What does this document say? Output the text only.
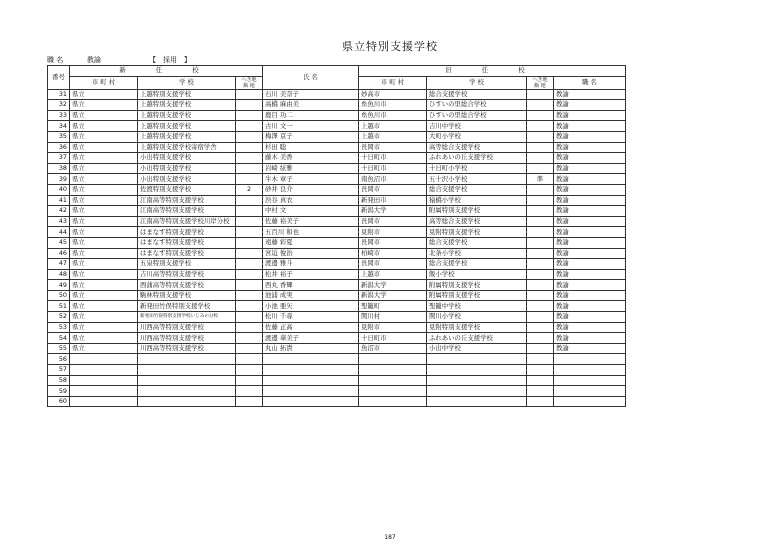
県立特別支援学校
職 名	教諭	【　採用　】
番号	新 任 校			氏 名	旧 任 校			
	市 町 村	学 校	へき地
級 地		市 町 村	学 校	へき地
級 地	職 名
31	県立	上越特別支援学校		石川 美奈子	妙高市	総合支援学校		教諭
32	県立	上越特別支援学校		高橋 麻由美	糸魚川市	ひすいの里総合学校		教諭
33	県立	上越特別支援学校		鹿目 功二	糸魚川市	ひすいの里総合学校		教諭
34	県立	上越特別支援学校		古川 文一	上越市	吉川中学校		教諭
35	県立	上越特別支援学校		梅澤 京子	上越市	大町小学校		教諭
36	県立	上越特別支援学校寄宿学舎		杉田 聡	長岡市	高等総合支援学校		教諭
37	県立	小出特別支援学校		藤木 美香	十日町市	ふれあいの丘支援学校		教諭
38	県立	小出特別支援学校		岩崎 絃雅	十日町市	十日町小学校		教諭
39	県立	小出特別支援学校		牛木 章子	南魚沼市	五十沢小学校	準	教諭
40	県立	佐渡特別支援学校	2	砂井 良介	長岡市	総合支援学校		教諭
41	県立	江南高等特別支援学校		渋谷 真衣	新発田市	猿橋小学校		教諭
42	県立	江南高等特別支援学校		中村 文	新潟大学	附属特別支援学校		教諭
43	県立	江南高等特別支援学校川岸分校		佐藤 裕美子	長岡市	高等総合支援学校		教諭
44	県立	はまなす特別支援学校		五百川 和也	見附市	見附特別支援学校		教諭
45	県立	はまなす特別支援学校		遠藤 彩夏	長岡市	総合支援学校		教諭
46	県立	はまなす特別支援学校		宮迫 俊治	柏崎市	北条小学校		教諭
47	県立	五泉特別支援学校		渡邊 雅斗	長岡市	総合支援学校		教諭
48	県立	吉川高等特別支援学校		松井 裕子	上越市	飯小学校		教諭
49	県立	西蒲高等特別支援学校		西丸 香輝	新潟大学	附属特別支援学校		教諭
50	県立	駒林特別支援学校		池浦 成実	新潟大学	附属特別支援学校		教諭
51	県立	新発田竹俣特別支援学校		小池 亜矢	聖籠町	聖籠中学校		教諭
52	県立	新発田竹俣特別支援学校いじみの分校		松川 千尋	関川村	関川小学校		教諭
53	県立	川西高等特別支援学校		佐藤 正高	見附市	見附特別支援学校		教諭
54	県立	川西高等特別支援学校		渡邊 華美子	十日町市	ふれあいの丘支援学校		教諭
55	県立	川西高等特別支援学校		丸山 拓貴	魚沼市	小出中学校		教諭
56								
57								
58								
59								
60								
187
